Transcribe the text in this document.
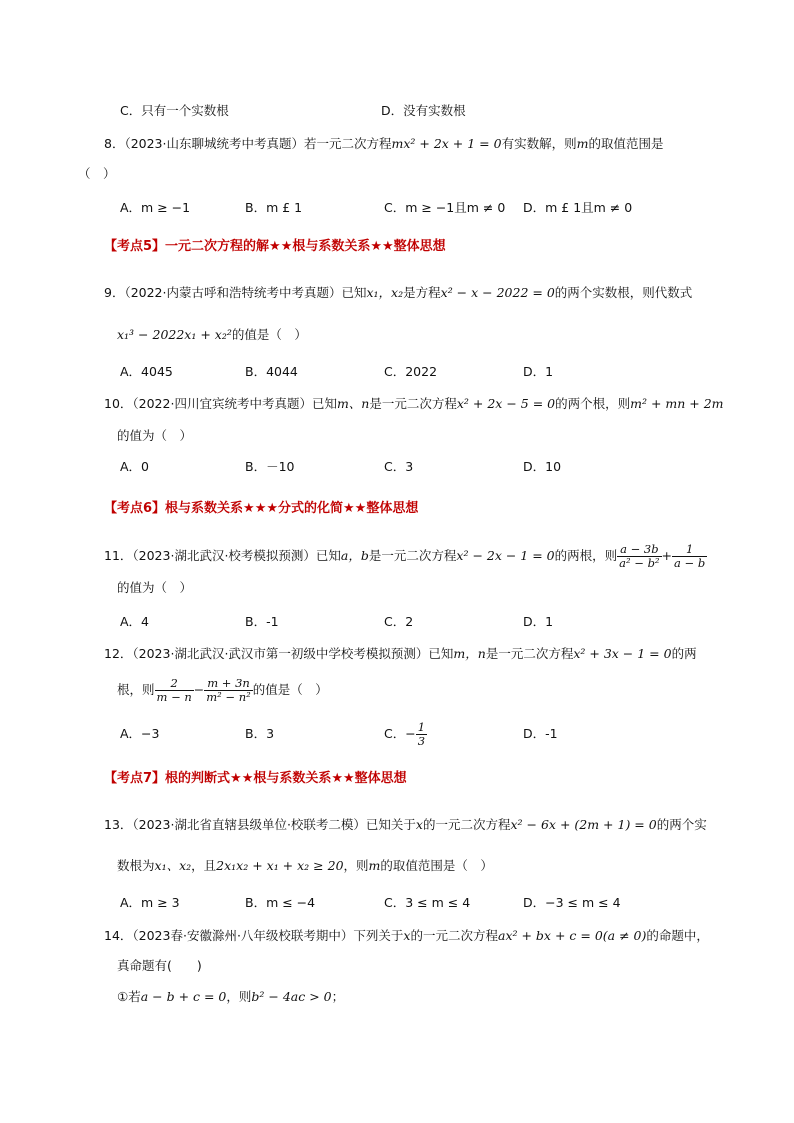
C．只有一个实数根	D．没有实数根
8．（2023·山东聊城统考中考真题）若一元二次方程mx² + 2x + 1 = 0有实数解，则m的取值范围是
（　）
A．m ≥ −1	B．m £ 1	C．m ≥ −1且m ≠ 0 D．m £ 1且m ≠ 0
【考点5】一元二次方程的解★★根与系数关系★★整体思想
9．（2022·内蒙古呼和浩特统考中考真题）已知x₁，x₂是方程x² − x − 2022 = 0的两个实数根，则代数式
x₁³ − 2022x₁ + x₂²的值是（　）
A．4045	B．4044	C．2022	D．1
10．（2022·四川宜宾统考中考真题）已知m、n是一元二次方程x² + 2x − 5 = 0的两个根，则m² + mn + 2m
的值为（　）
A．0	B．－10	C．3	D．10
【考点6】根与系数关系★★★分式的化简★★整体思想
11．（2023·湖北武汉·校考模拟预测）已知a，b是一元二次方程x² − 2x − 1 = 0的两根，则 $\frac{a - 3b}{\text{a² − b²}} + \frac{1}{a - b}$
的值为（　）
A．4	B．-1	C．2	D．1
12．（2023·湖北武汉·武汉市第一初级中学校考模拟预测）已知m，n是一元二次方程x² + 3x − 1 = 0的两
根，则 $\frac{2}{m - n} - \frac{m + 3n}{\text{m² − n²}}$ 的值是（　）
A．−3	B．3	C．− $\frac{1}{3}$	D．-1
【考点7】根的判断式★★根与系数关系★★整体思想
13．（2023·湖北省直辖县级单位·校联考二模）已知关于x的一元二次方程x² − 6x + (2m + 1) = 0的两个实
数根为x₁、x₂，且2x₁x₂ + x₁ + x₂ ≥ 20，则m的取值范围是（　）
A．m ≥ 3	B．m ≤ −4	C．3 ≤ m ≤ 4	D．−3 ≤ m ≤ 4
14．（2023春·安徽滁州·八年级校联考期中）下列关于x的一元二次方程ax² + bx + c = 0(a ≠ 0)的命题中，
真命题有(　　)
①若a − b + c = 0，则b² − 4ac > 0；
